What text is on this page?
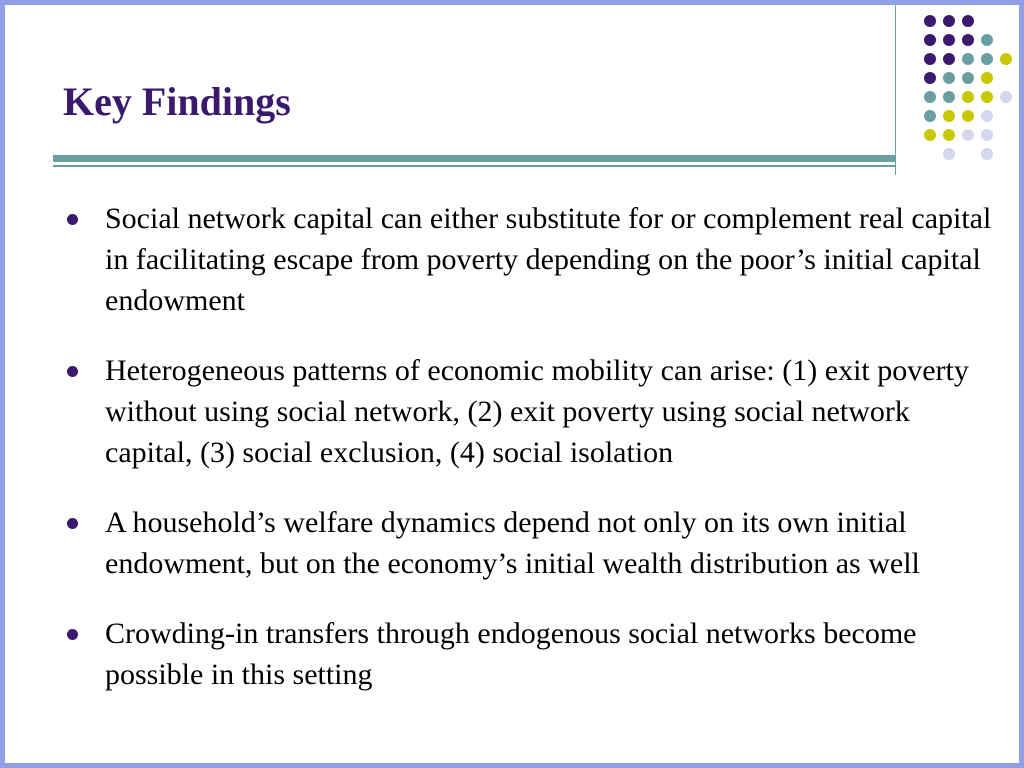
Key Findings
Social network capital can either substitute for or complement real capital in facilitating escape from poverty depending on the poor’s initial capital endowment
Heterogeneous patterns of economic mobility can arise: (1) exit poverty without using social network, (2) exit poverty using social network capital, (3) social exclusion, (4) social isolation
A household’s welfare dynamics depend not only on its own initial endowment, but on the economy’s initial wealth distribution as well
Crowding-in transfers through endogenous social networks become possible in this setting
